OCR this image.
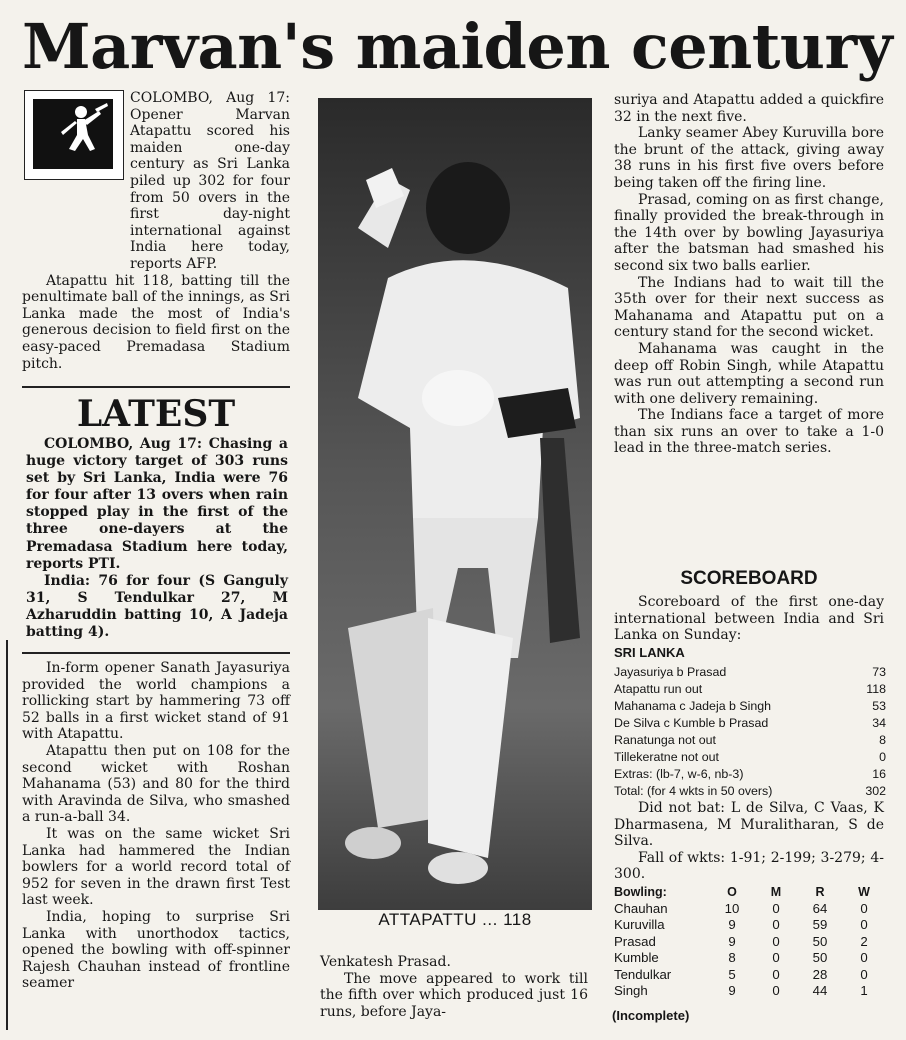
Marvan's maiden century

COLOMBO, Aug 17: Opener Marvan Atapattu scored his maiden one-day century as Sri Lanka piled up 302 for four from 50 overs in the first day-night international against India here today, reports AFP.

Atapattu hit 118, batting till the penultimate ball of the innings, as Sri Lanka made the most of India's generous decision to field first on the easy-paced Premadasa Stadium pitch.

LATEST

COLOMBO, Aug 17: Chasing a huge victory target of 303 runs set by Sri Lanka, India were 76 for four after 13 overs when rain stopped play in the first of the three one-dayers at the Premadasa Stadium here today, reports PTI.

India: 76 for four (S Ganguly 31, S Tendulkar 27, M Azharuddin batting 10, A Jadeja batting 4).

In-form opener Sanath Jayasuriya provided the world champions a rollicking start by hammering 73 off 52 balls in a first wicket stand of 91 with Atapattu.

Atapattu then put on 108 for the second wicket with Roshan Mahanama (53) and 80 for the third with Aravinda de Silva, who smashed a run-a-ball 34.

It was on the same wicket Sri Lanka had hammered the Indian bowlers for a world record total of 952 for seven in the drawn first Test last week.

India, hoping to surprise Sri Lanka with unorthodox tactics, opened the bowling with off-spinner Rajesh Chauhan instead of frontline seamer

ATTAPATTU ... 118

Venkatesh Prasad.

The move appeared to work till the fifth over which produced just 16 runs, before Jaya-

suriya and Atapattu added a quickfire 32 in the next five.

Lanky seamer Abey Kuruvilla bore the brunt of the attack, giving away 38 runs in his first five overs before being taken off the firing line.

Prasad, coming on as first change, finally provided the break-through in the 14th over by bowling Jayasuriya after the batsman had smashed his second six two balls earlier.

The Indians had to wait till the 35th over for their next success as Mahanama and Atapattu put on a century stand for the second wicket.

Mahanama was caught in the deep off Robin Singh, while Atapattu was run out attempting a second run with one delivery remaining.

The Indians face a target of more than six runs an over to take a 1-0 lead in the three-match series.

SCOREBOARD

Scoreboard of the first one-day international between India and Sri Lanka on Sunday:

SRI LANKA
Jayasuriya b Prasad	73
Atapattu run out	118
Mahanama c Jadeja b Singh	53
De Silva c Kumble b Prasad	34
Ranatunga not out	8
Tillekeratne not out	0
Extras: (lb-7, w-6, nb-3)	16
Total: (for 4 wkts in 50 overs)	302

Did not bat: L de Silva, C Vaas, K Dharmasena, M Muralitharan, S de Silva.

Fall of wkts: 1-91; 2-199; 3-279; 4-300.

Bowling:	O	M	R	W
Chauhan	10	0	64	0
Kuruvilla	9	0	59	0
Prasad	9	0	50	2
Kumble	8	0	50	0
Tendulkar	5	0	28	0
Singh	9	0	44	1
(Incomplete)
